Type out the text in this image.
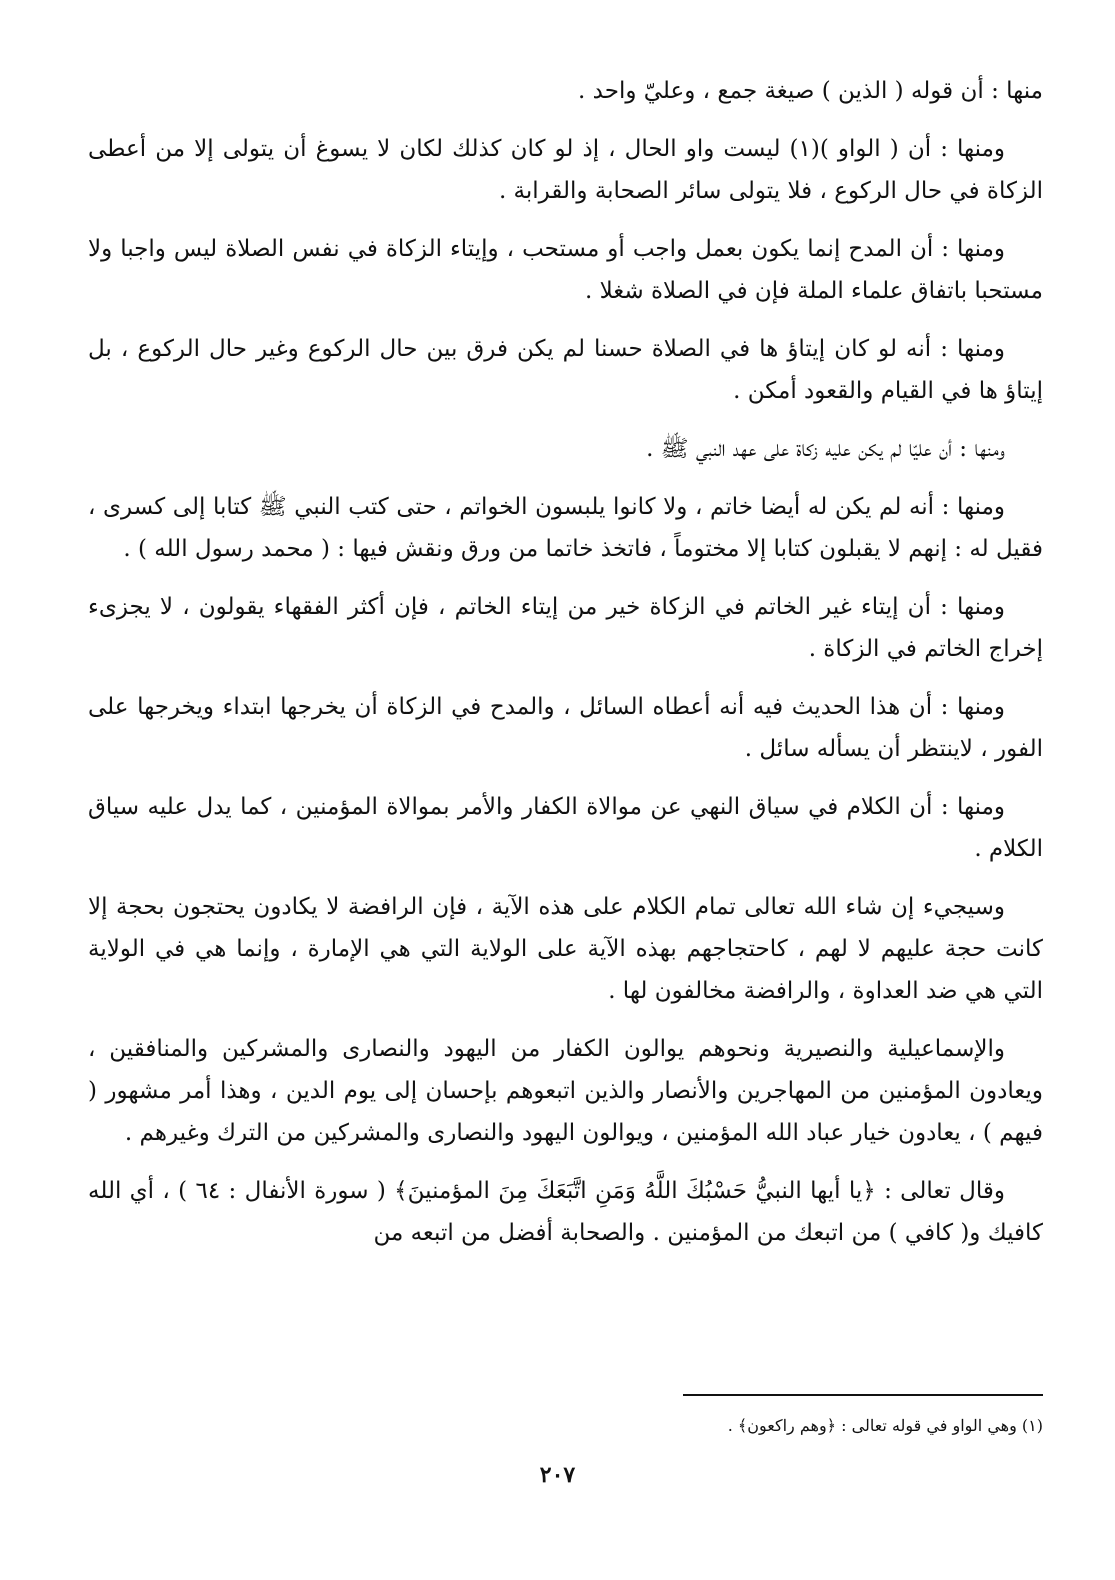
منها : أن قوله ( الذين ) صيغة جمع ، وعليّ واحد .

ومنها : أن ( الواو )(١) ليست واو الحال ، إذ لو كان كذلك لكان لا يسوغ أن يتولى إلا من أعطى الزكاة في حال الركوع ، فلا يتولى سائر الصحابة والقرابة .

ومنها : أن المدح إنما يكون بعمل واجب أو مستحب ، وإيتاء الزكاة في نفس الصلاة ليس واجبا ولا مستحبا باتفاق علماء الملة فإن في الصلاة شغلا .

ومنها : أنه لو كان إيتاؤ ها في الصلاة حسنا لم يكن فرق بين حال الركوع وغير حال الركوع ، بل إيتاؤ ها في القيام والقعود أمكن .

ومنها : أن عليّا لم يكن عليه زكاة على عهد النبي ﷺ .

ومنها : أنه لم يكن له أيضا خاتم ، ولا كانوا يلبسون الخواتم ، حتى كتب النبي ﷺ كتابا إلى كسرى ، فقيل له : إنهم لا يقبلون كتابا إلا مختوماً ، فاتخذ خاتما من ورق ونقش فيها : ( محمد رسول الله ) .

ومنها : أن إيتاء غير الخاتم في الزكاة خير من إيتاء الخاتم ، فإن أكثر الفقهاء يقولون ، لا يجزىء إخراج الخاتم في الزكاة .

ومنها : أن هذا الحديث فيه أنه أعطاه السائل ، والمدح في الزكاة أن يخرجها ابتداء ويخرجها على الفور ، لاينتظر أن يسأله سائل .

ومنها : أن الكلام في سياق النهي عن موالاة الكفار والأمر بموالاة المؤمنين ، كما يدل عليه سياق الكلام .

وسيجيء إن شاء الله تعالى تمام الكلام على هذه الآية ، فإن الرافضة لا يكادون يحتجون بحجة إلا كانت حجة عليهم لا لهم ، كاحتجاجهم بهذه الآية على الولاية التي هي الإمارة ، وإنما هي في الولاية التي هي ضد العداوة ، والرافضة مخالفون لها .

والإسماعيلية والنصيرية ونحوهم يوالون الكفار من اليهود والنصارى والمشركين والمنافقين ، ويعادون المؤمنين من المهاجرين والأنصار والذين اتبعوهم بإحسان إلى يوم الدين ، وهذا أمر مشهور ( فيهم ) ، يعادون خيار عباد الله المؤمنين ، ويوالون اليهود والنصارى والمشركين من الترك وغيرهم .

وقال تعالى : ﴿يا أيها النبيُّ حَسْبُكَ اللَّهُ وَمَنِ اتَّبَعَكَ مِنَ المؤمنينَ﴾ ( سورة الأنفال : ٦٤ ) ، أي الله كافيك و( كافي ) من اتبعك من المؤمنين . والصحابة أفضل من اتبعه من

(١) وهي الواو في قوله تعالى : ﴿وهم راكعون﴾ .
٢٠٧
